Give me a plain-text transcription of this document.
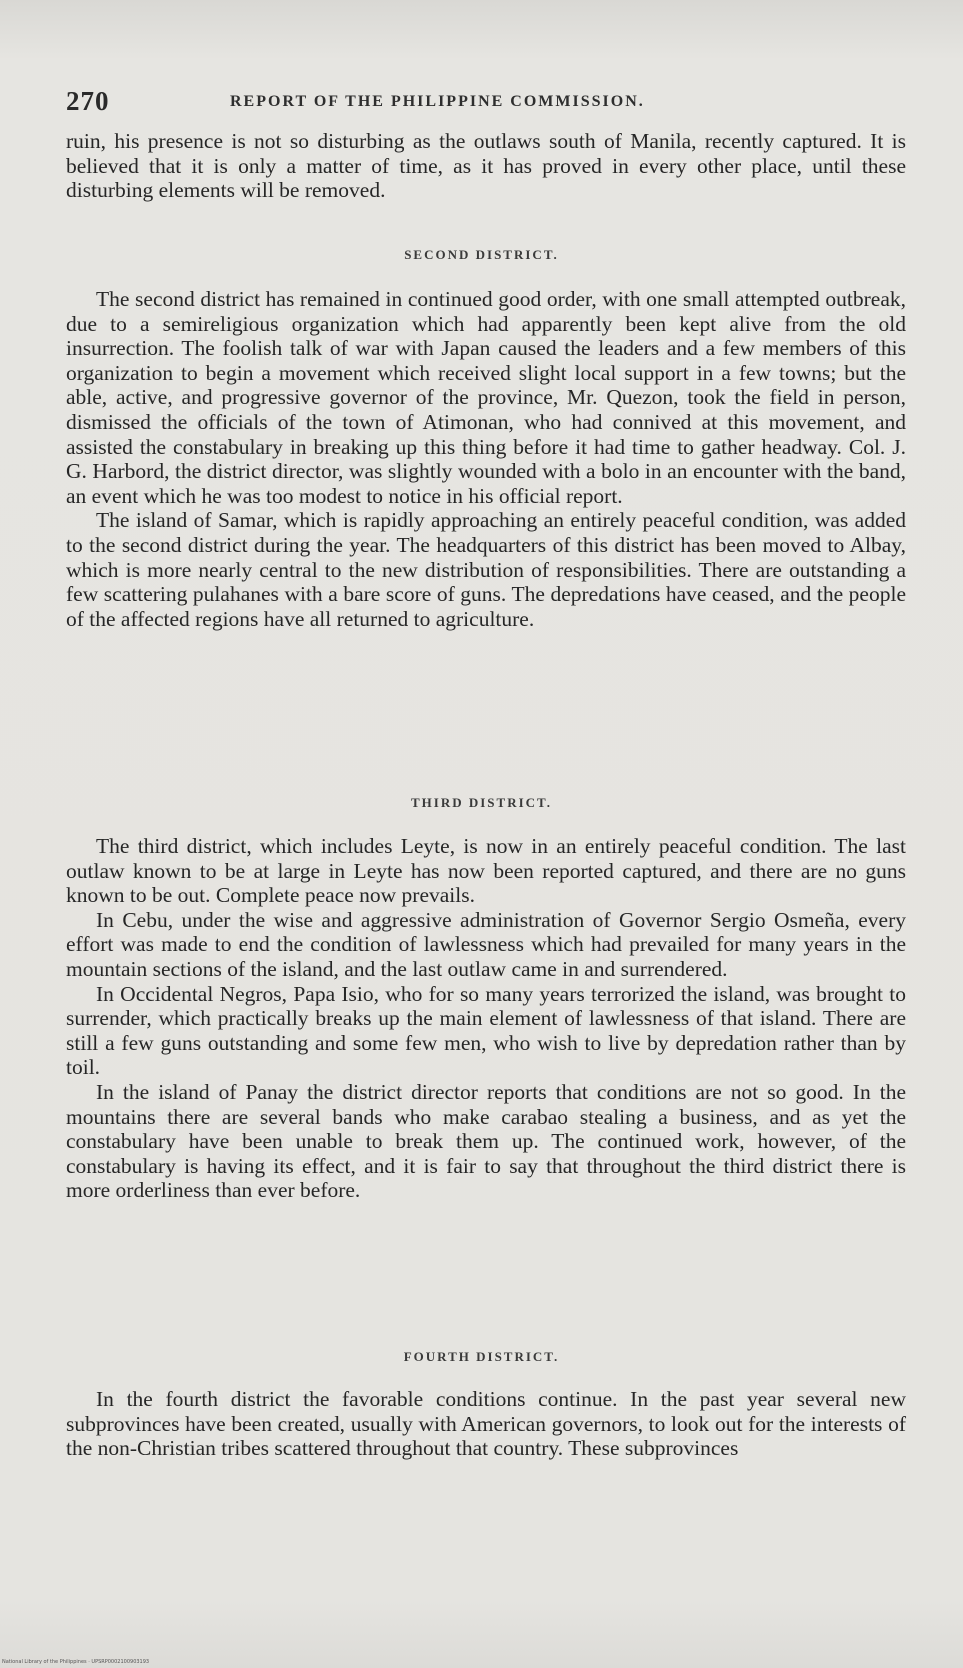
270	REPORT OF THE PHILIPPINE COMMISSION.

ruin, his presence is not so disturbing as the outlaws south of Manila, recently captured. It is believed that it is only a matter of time, as it has proved in every other place, until these disturbing elements will be removed.

SECOND DISTRICT.

The second district has remained in continued good order, with one small attempted outbreak, due to a semireligious organization which had apparently been kept alive from the old insurrection. The foolish talk of war with Japan caused the leaders and a few members of this organization to begin a movement which received slight local support in a few towns; but the able, active, and progressive governor of the province, Mr. Quezon, took the field in person, dismissed the officials of the town of Atimonan, who had connived at this movement, and assisted the constabulary in breaking up this thing before it had time to gather headway. Col. J. G. Harbord, the district director, was slightly wounded with a bolo in an encounter with the band, an event which he was too modest to notice in his official report.

The island of Samar, which is rapidly approaching an entirely peaceful condition, was added to the second district during the year. The headquarters of this district has been moved to Albay, which is more nearly central to the new distribution of responsibilities. There are outstanding a few scattering pulahanes with a bare score of guns. The depredations have ceased, and the people of the affected regions have all returned to agriculture.

THIRD DISTRICT.

The third district, which includes Leyte, is now in an entirely peaceful condition. The last outlaw known to be at large in Leyte has now been reported captured, and there are no guns known to be out. Complete peace now prevails.

In Cebu, under the wise and aggressive administration of Governor Sergio Osmeña, every effort was made to end the condition of lawlessness which had prevailed for many years in the mountain sections of the island, and the last outlaw came in and surrendered.

In Occidental Negros, Papa Isio, who for so many years terrorized the island, was brought to surrender, which practically breaks up the main element of lawlessness of that island. There are still a few guns outstanding and some few men, who wish to live by depredation rather than by toil.

In the island of Panay the district director reports that conditions are not so good. In the mountains there are several bands who make carabao stealing a business, and as yet the constabulary have been unable to break them up. The continued work, however, of the constabulary is having its effect, and it is fair to say that throughout the third district there is more orderliness than ever before.

FOURTH DISTRICT.

In the fourth district the favorable conditions continue. In the past year several new subprovinces have been created, usually with American governors, to look out for the interests of the non-Christian tribes scattered throughout that country. These subprovinces

National Library of the Philippines · UPSRP0002100903193
